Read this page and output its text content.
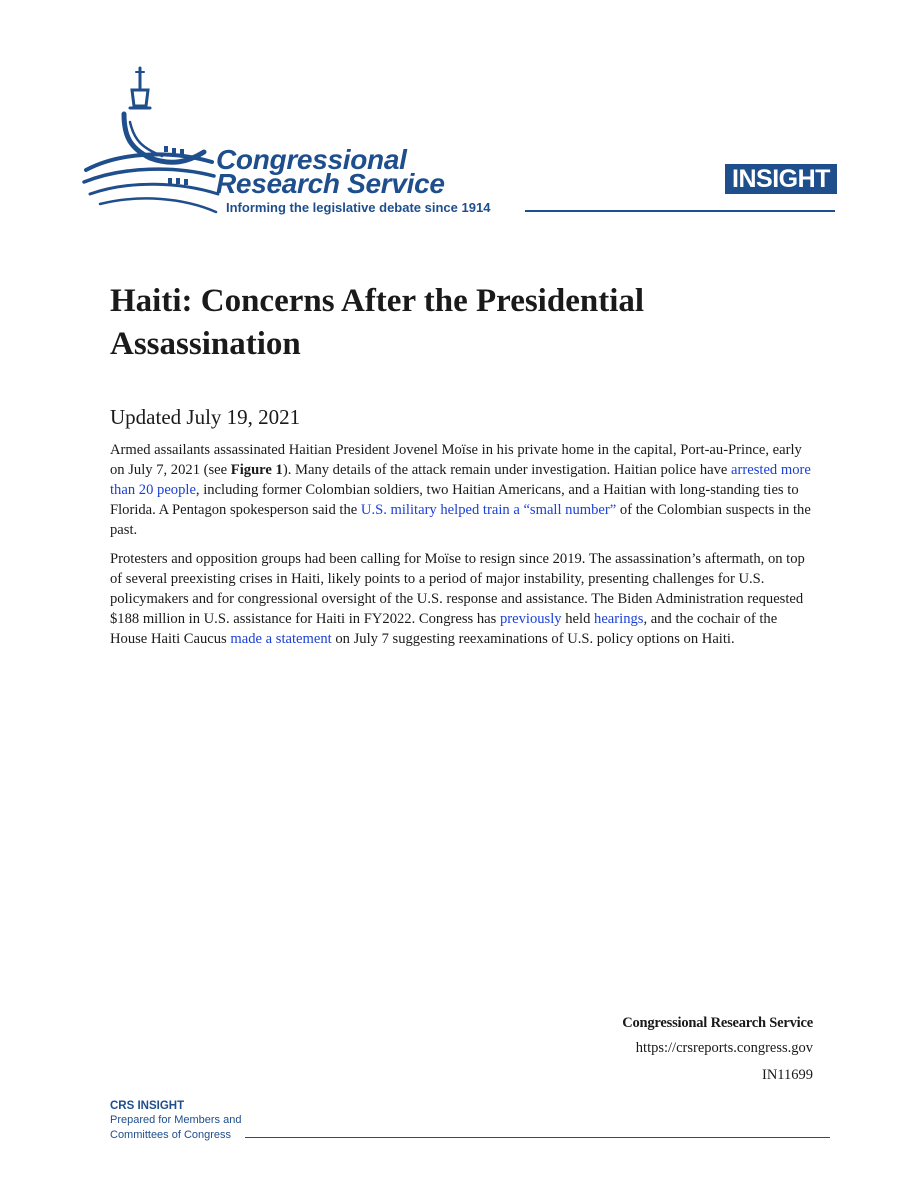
Congressional
Research Service
Informing the legislative debate since 1914
INSIGHT
Haiti: Concerns After the Presidential Assassination
Updated July 19, 2021

Armed assailants assassinated Haitian President Jovenel Moïse in his private home in the capital, Port-au-Prince, early on July 7, 2021 (see Figure 1). Many details of the attack remain under investigation. Haitian police have arrested more than 20 people, including former Colombian soldiers, two Haitian Americans, and a Haitian with long-standing ties to Florida. A Pentagon spokesperson said the U.S. military helped train a “small number” of the Colombian suspects in the past.

Protesters and opposition groups had been calling for Moïse to resign since 2019. The assassination’s aftermath, on top of several preexisting crises in Haiti, likely points to a period of major instability, presenting challenges for U.S. policymakers and for congressional oversight of the U.S. response and assistance. The Biden Administration requested $188 million in U.S. assistance for Haiti in FY2022. Congress has previously held hearings, and the cochair of the House Haiti Caucus made a statement on July 7 suggesting reexaminations of U.S. policy options on Haiti.

Congressional Research Service
https://crsreports.congress.gov
IN11699
CRS INSIGHT
Prepared for Members and Committees of Congress
